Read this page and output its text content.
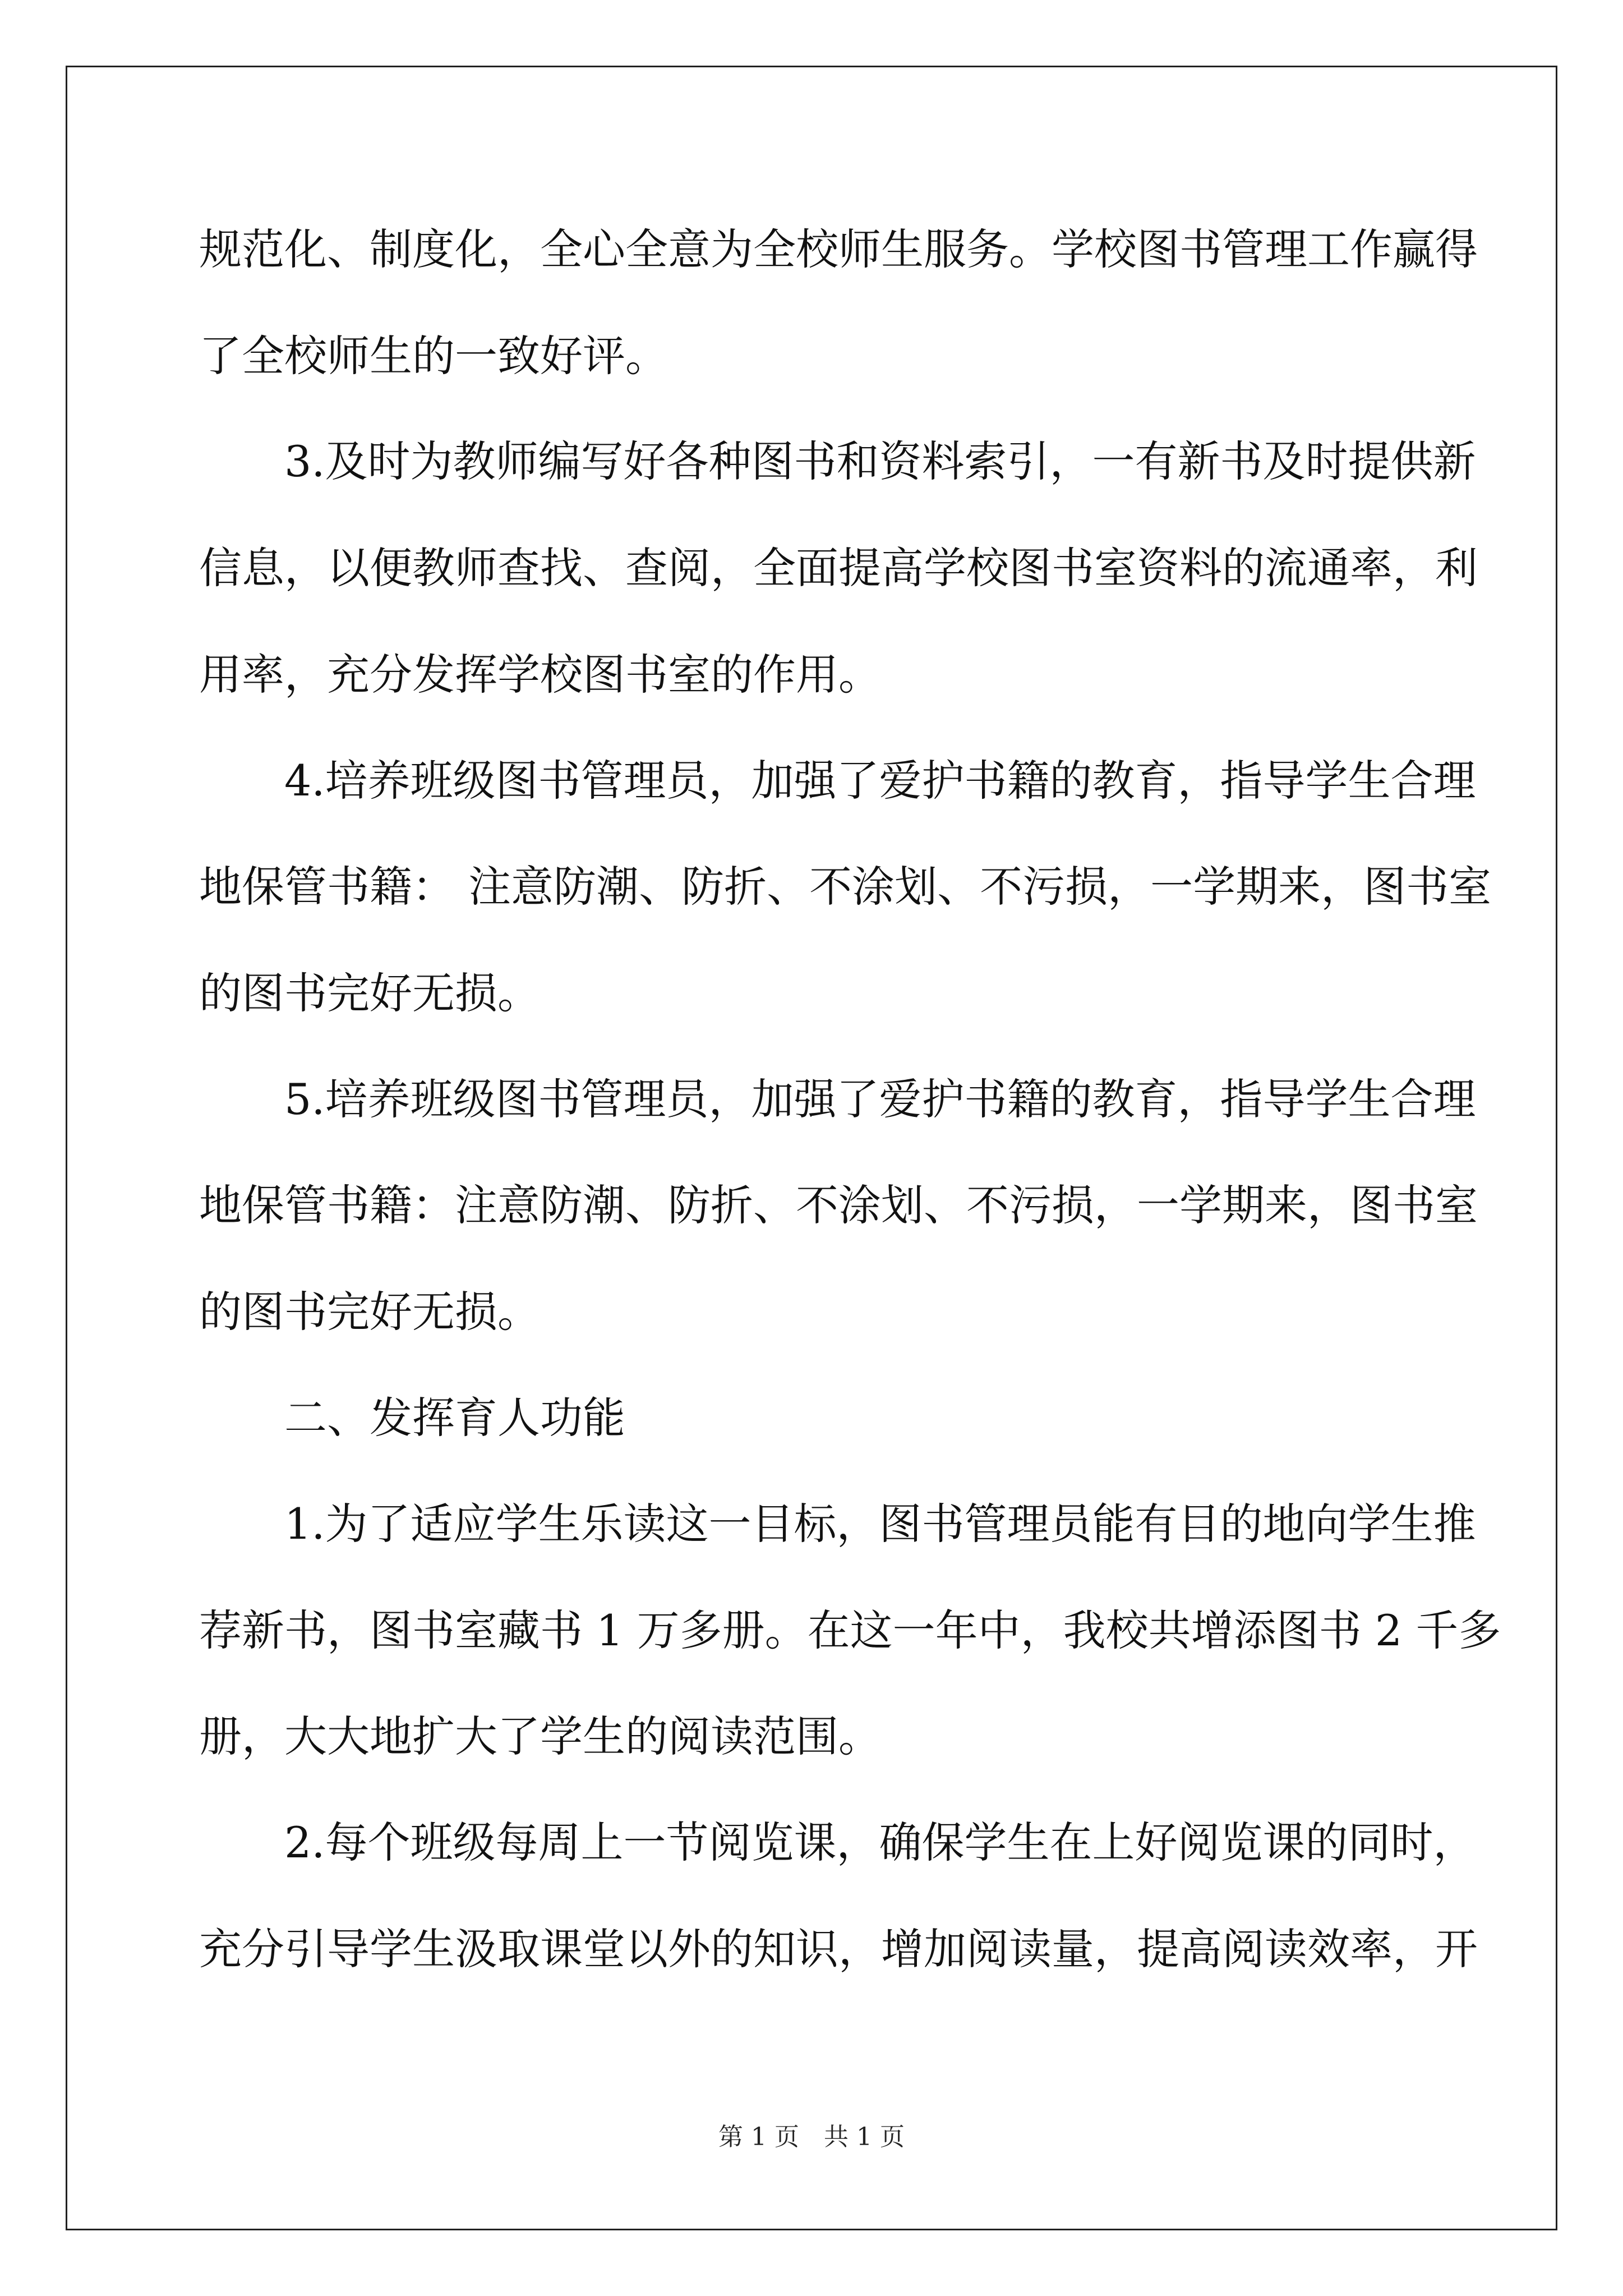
规范化、制度化，全心全意为全校师生服务。学校图书管理工作赢得
了全校师生的一致好评。
3.及时为教师编写好各种图书和资料索引，一有新书及时提供新
信息，以便教师查找、查阅，全面提高学校图书室资料的流通率，利
用率，充分发挥学校图书室的作用。
4.培养班级图书管理员，加强了爱护书籍的教育，指导学生合理
地保管书籍： 注意防潮、防折、不涂划、不污损，一学期来，图书室
的图书完好无损。
5.培养班级图书管理员，加强了爱护书籍的教育，指导学生合理
地保管书籍：注意防潮、防折、不涂划、不污损，一学期来，图书室
的图书完好无损。
二、发挥育人功能
1.为了适应学生乐读这一目标，图书管理员能有目的地向学生推
荐新书，图书室藏书 1 万多册。在这一年中，我校共增添图书 2 千多
册，大大地扩大了学生的阅读范围。
2.每个班级每周上一节阅览课，确保学生在上好阅览课的同时，
充分引导学生汲取课堂以外的知识，增加阅读量，提高阅读效率，开
第 1 页　共 1 页
